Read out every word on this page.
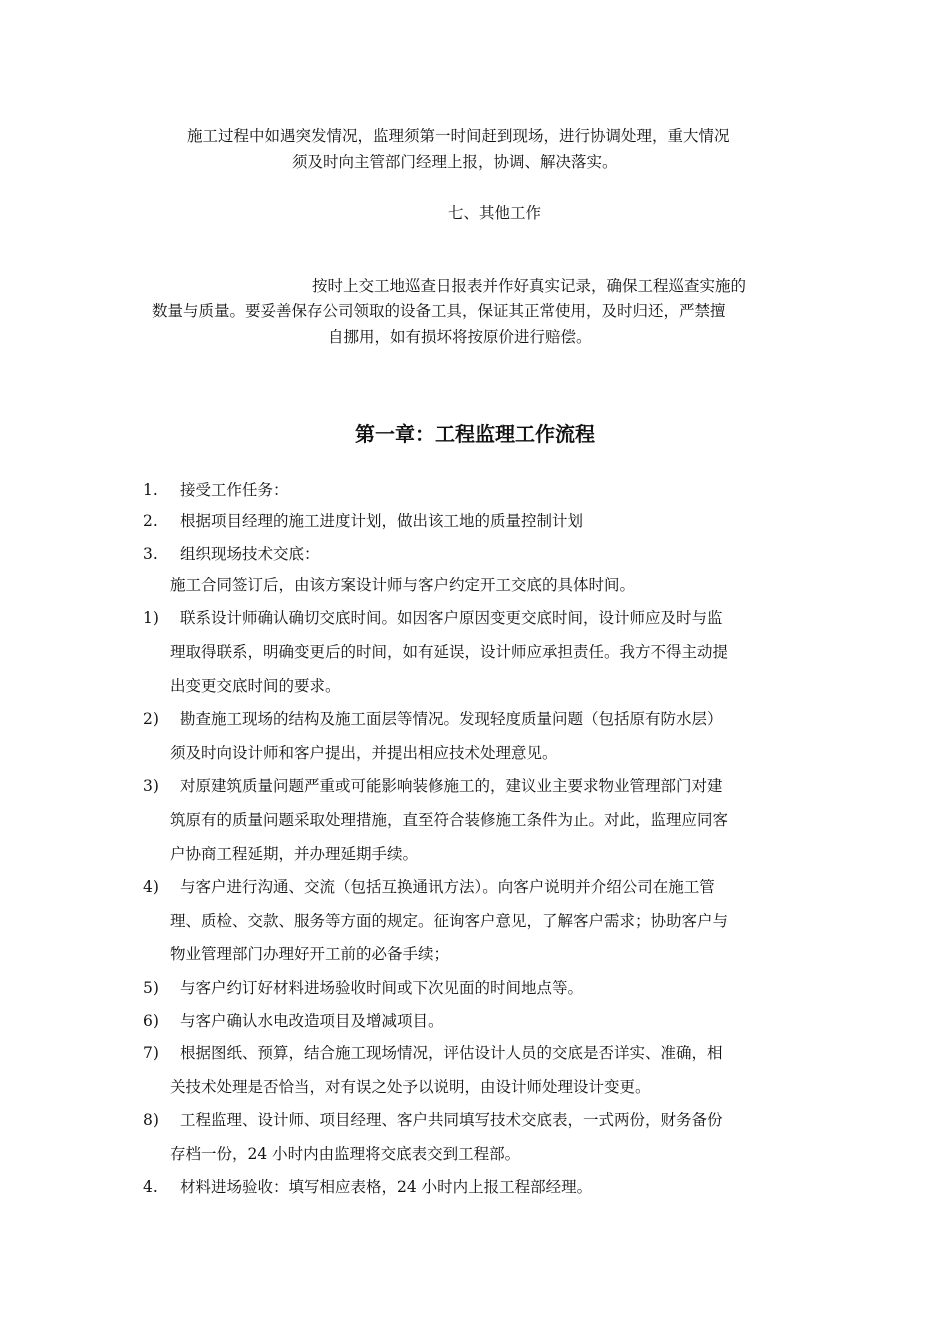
施工过程中如遇突发情况，监理须第一时间赶到现场，进行协调处理，重大情况
须及时向主管部门经理上报，协调、解决落实。
七、其他工作
按时上交工地巡查日报表并作好真实记录，确保工程巡查实施的
数量与质量。要妥善保存公司领取的设备工具，保证其正常使用，及时归还，严禁擅
自挪用，如有损坏将按原价进行赔偿。
第一章：工程监理工作流程
1. 接受工作任务：
2. 根据项目经理的施工进度计划，做出该工地的质量控制计划
3. 组织现场技术交底：
施工合同签订后，由该方案设计师与客户约定开工交底的具体时间。
1) 联系设计师确认确切交底时间。如因客户原因变更交底时间，设计师应及时与监
理取得联系，明确变更后的时间，如有延误，设计师应承担责任。我方不得主动提
出变更交底时间的要求。
2) 勘查施工现场的结构及施工面层等情况。发现轻度质量问题（包括原有防水层）
须及时向设计师和客户提出，并提出相应技术处理意见。
3) 对原建筑质量问题严重或可能影响装修施工的，建议业主要求物业管理部门对建
筑原有的质量问题采取处理措施，直至符合装修施工条件为止。对此，监理应同客
户协商工程延期，并办理延期手续。
4) 与客户进行沟通、交流（包括互换通讯方法）。向客户说明并介绍公司在施工管
理、质检、交款、服务等方面的规定。征询客户意见，了解客户需求；协助客户与
物业管理部门办理好开工前的必备手续；
5) 与客户约订好材料进场验收时间或下次见面的时间地点等。
6) 与客户确认水电改造项目及增减项目。
7) 根据图纸、预算，结合施工现场情况，评估设计人员的交底是否详实、准确，相
关技术处理是否恰当，对有误之处予以说明，由设计师处理设计变更。
8) 工程监理、设计师、项目经理、客户共同填写技术交底表，一式两份，财务备份
存档一份，24 小时内由监理将交底表交到工程部。
4. 材料进场验收：填写相应表格，24 小时内上报工程部经理。
